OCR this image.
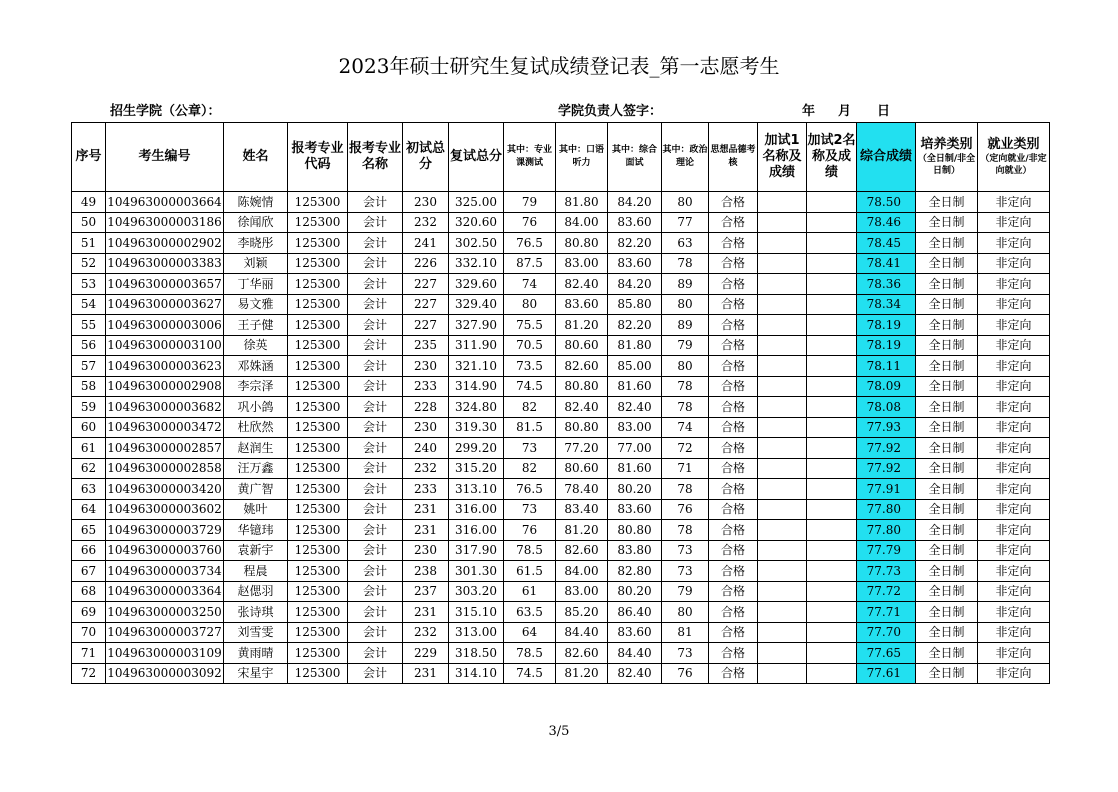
2023年硕士研究生复试成绩登记表_第一志愿考生
招生学院（公章）：	学院负责人签字：	年 月 日
序号	考生编号	姓名	报考专业代码	报考专业名称	初试总分	复试总分	其中：专业课测试	其中：口语听力	其中：综合面试	其中：政治理论	思想品德考核	加试1名称及成绩	加试2名称及成绩	综合成绩	培养类别
（全日制/非全日制）	就业类别
（定向就业/非定向就业）

49	104963000003664	陈婉情	125300	会计	230	325.00	79	81.80	84.20	80	合格			78.50	全日制	非定向
50	104963000003186	徐闻欣	125300	会计	232	320.60	76	84.00	83.60	77	合格			78.46	全日制	非定向
51	104963000002902	李晓彤	125300	会计	241	302.50	76.5	80.80	82.20	63	合格			78.45	全日制	非定向
52	104963000003383	刘颖	125300	会计	226	332.10	87.5	83.00	83.60	78	合格			78.41	全日制	非定向
53	104963000003657	丁华丽	125300	会计	227	329.60	74	82.40	84.20	89	合格			78.36	全日制	非定向
54	104963000003627	易文雅	125300	会计	227	329.40	80	83.60	85.80	80	合格			78.34	全日制	非定向
55	104963000003006	王子健	125300	会计	227	327.90	75.5	81.20	82.20	89	合格			78.19	全日制	非定向
56	104963000003100	徐英	125300	会计	235	311.90	70.5	80.60	81.80	79	合格			78.19	全日制	非定向
57	104963000003623	邓姝涵	125300	会计	230	321.10	73.5	82.60	85.00	80	合格			78.11	全日制	非定向
58	104963000002908	李宗泽	125300	会计	233	314.90	74.5	80.80	81.60	78	合格			78.09	全日制	非定向
59	104963000003682	巩小鸽	125300	会计	228	324.80	82	82.40	82.40	78	合格			78.08	全日制	非定向
60	104963000003472	杜欣然	125300	会计	230	319.30	81.5	80.80	83.00	74	合格			77.93	全日制	非定向
61	104963000002857	赵润生	125300	会计	240	299.20	73	77.20	77.00	72	合格			77.92	全日制	非定向
62	104963000002858	汪万鑫	125300	会计	232	315.20	82	80.60	81.60	71	合格			77.92	全日制	非定向
63	104963000003420	黄广智	125300	会计	233	313.10	76.5	78.40	80.20	78	合格			77.91	全日制	非定向
64	104963000003602	姚叶	125300	会计	231	316.00	73	83.40	83.60	76	合格			77.80	全日制	非定向
65	104963000003729	华镱玮	125300	会计	231	316.00	76	81.20	80.80	78	合格			77.80	全日制	非定向
66	104963000003760	袁新宇	125300	会计	230	317.90	78.5	82.60	83.80	73	合格			77.79	全日制	非定向
67	104963000003734	程晨	125300	会计	238	301.30	61.5	84.00	82.80	73	合格			77.73	全日制	非定向
68	104963000003364	赵偲羽	125300	会计	237	303.20	61	83.00	80.20	79	合格			77.72	全日制	非定向
69	104963000003250	张诗琪	125300	会计	231	315.10	63.5	85.20	86.40	80	合格			77.71	全日制	非定向
70	104963000003727	刘雪雯	125300	会计	232	313.00	64	84.40	83.60	81	合格			77.70	全日制	非定向
71	104963000003109	黄雨晴	125300	会计	229	318.50	78.5	82.60	84.40	73	合格			77.65	全日制	非定向
72	104963000003092	宋星宇	125300	会计	231	314.10	74.5	81.20	82.40	76	合格			77.61	全日制	非定向
3/5
